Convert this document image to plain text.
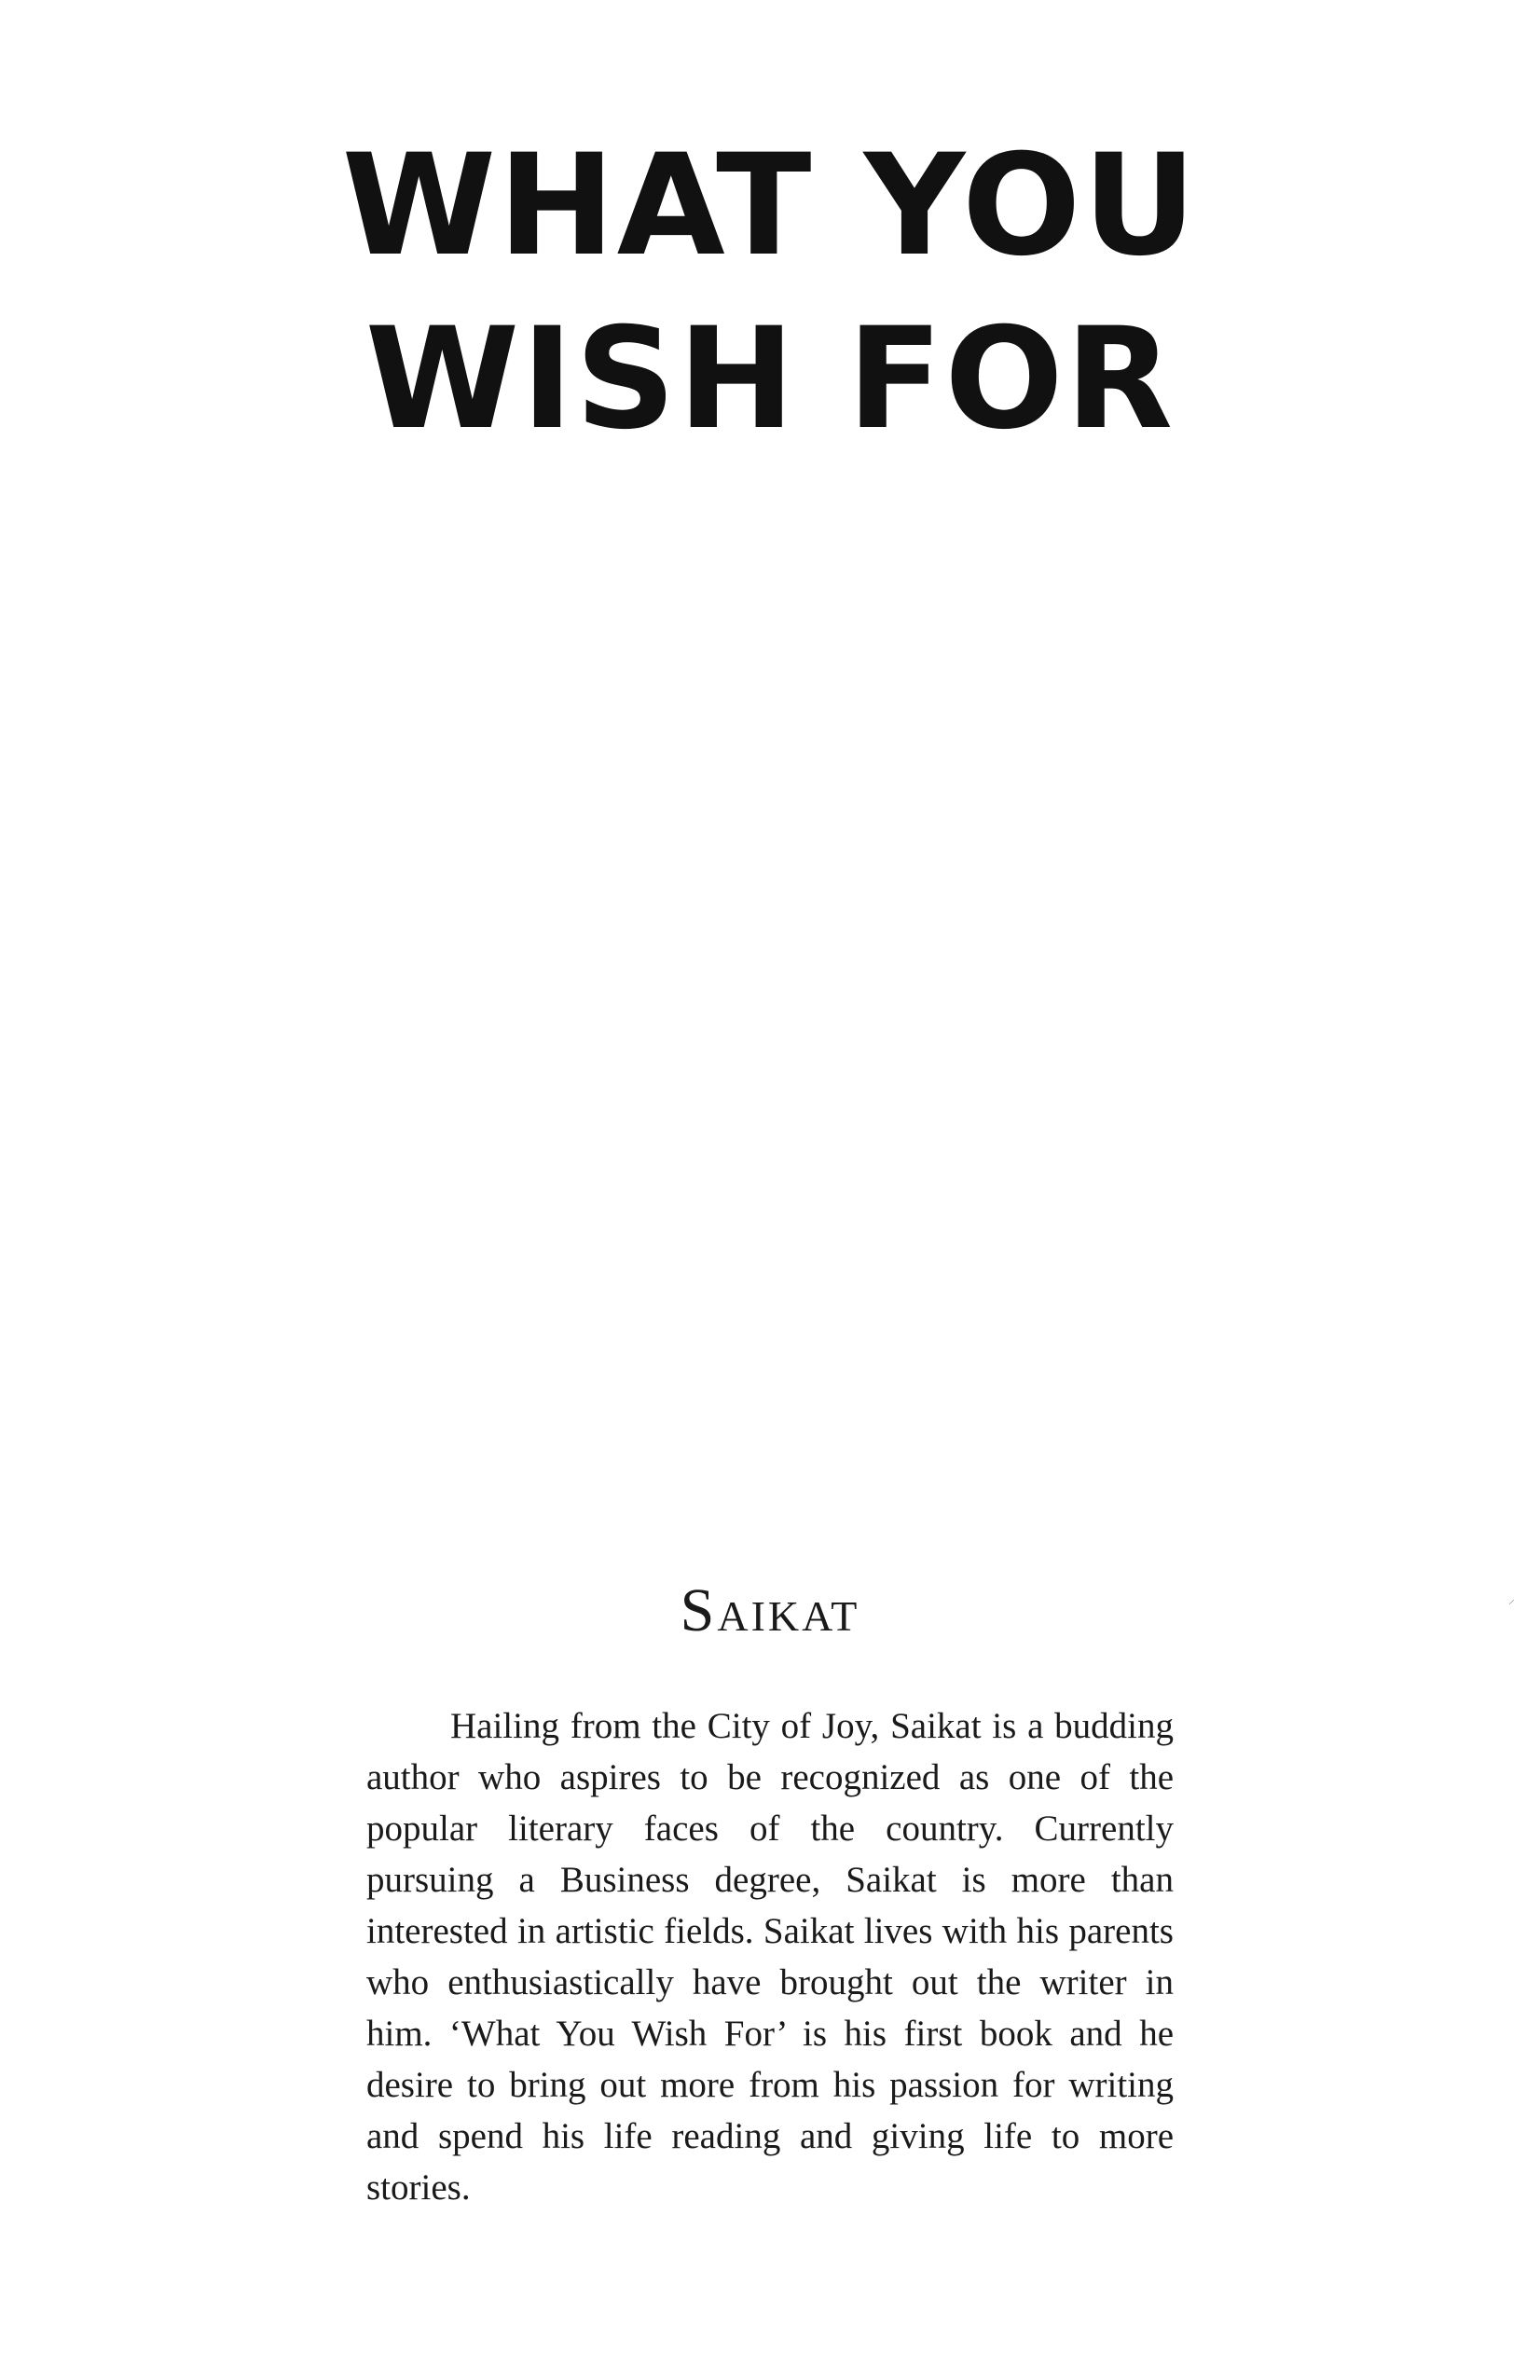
WHAT YOU
WISH FOR
Saikat

Hailing from the City of Joy, Saikat is a budding author who aspires to be recognized as one of the popular literary faces of the country. Currently pursuing a Business degree, Saikat is more than interested in artistic fields. Saikat lives with his parents who enthusiastically have brought out the writer in him. ‘What You Wish For’ is his first book and he desire to bring out more from his passion for writing and spend his life reading and giving life to more stories.

⸝
